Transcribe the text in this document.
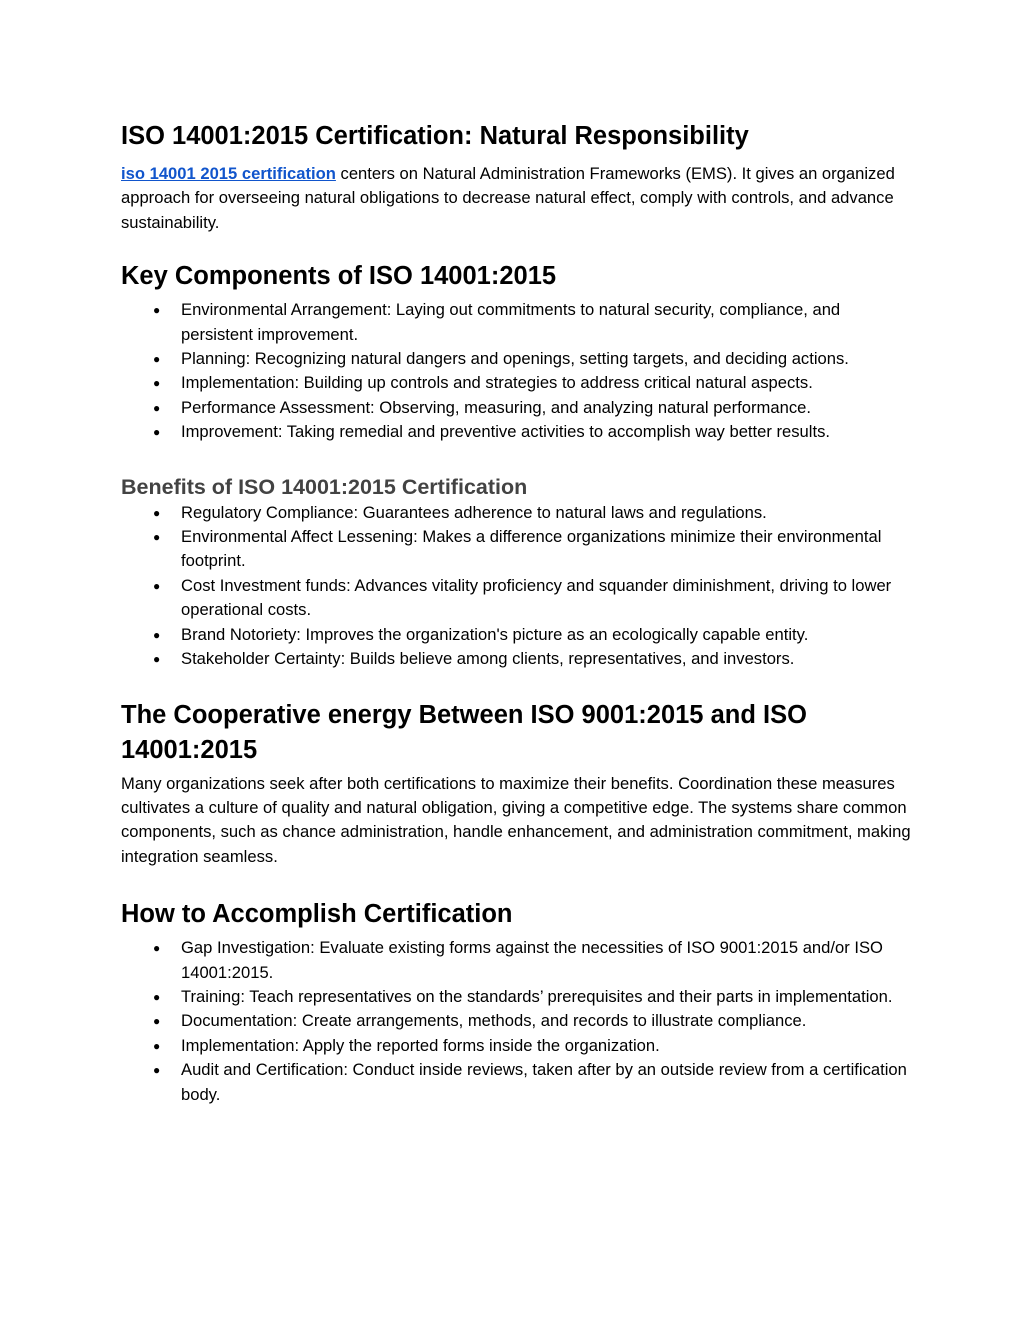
ISO 14001:2015 Certification: Natural Responsibility

iso 14001 2015 certification centers on Natural Administration Frameworks (EMS). It gives an organized approach for overseeing natural obligations to decrease natural effect, comply with controls, and advance sustainability.

Key Components of ISO 14001:2015
● Environmental Arrangement: Laying out commitments to natural security, compliance, and persistent improvement.
● Planning: Recognizing natural dangers and openings, setting targets, and deciding actions.
● Implementation: Building up controls and strategies to address critical natural aspects.
● Performance Assessment: Observing, measuring, and analyzing natural performance.
● Improvement: Taking remedial and preventive activities to accomplish way better results.
Benefits of ISO 14001:2015 Certification
● Regulatory Compliance: Guarantees adherence to natural laws and regulations.
● Environmental Affect Lessening: Makes a difference organizations minimize their environmental footprint.
● Cost Investment funds: Advances vitality proficiency and squander diminishment, driving to lower operational costs.
● Brand Notoriety: Improves the organization's picture as an ecologically capable entity.
● Stakeholder Certainty: Builds believe among clients, representatives, and investors.
The Cooperative energy Between ISO 9001:2015 and ISO 14001:2015

Many organizations seek after both certifications to maximize their benefits. Coordination these measures cultivates a culture of quality and natural obligation, giving a competitive edge. The systems share common components, such as chance administration, handle enhancement, and administration commitment, making integration seamless.

How to Accomplish Certification
● Gap Investigation: Evaluate existing forms against the necessities of ISO 9001:2015 and/or ISO 14001:2015.
● Training: Teach representatives on the standards’ prerequisites and their parts in implementation.
● Documentation: Create arrangements, methods, and records to illustrate compliance.
● Implementation: Apply the reported forms inside the organization.
● Audit and Certification: Conduct inside reviews, taken after by an outside review from a certification body.
